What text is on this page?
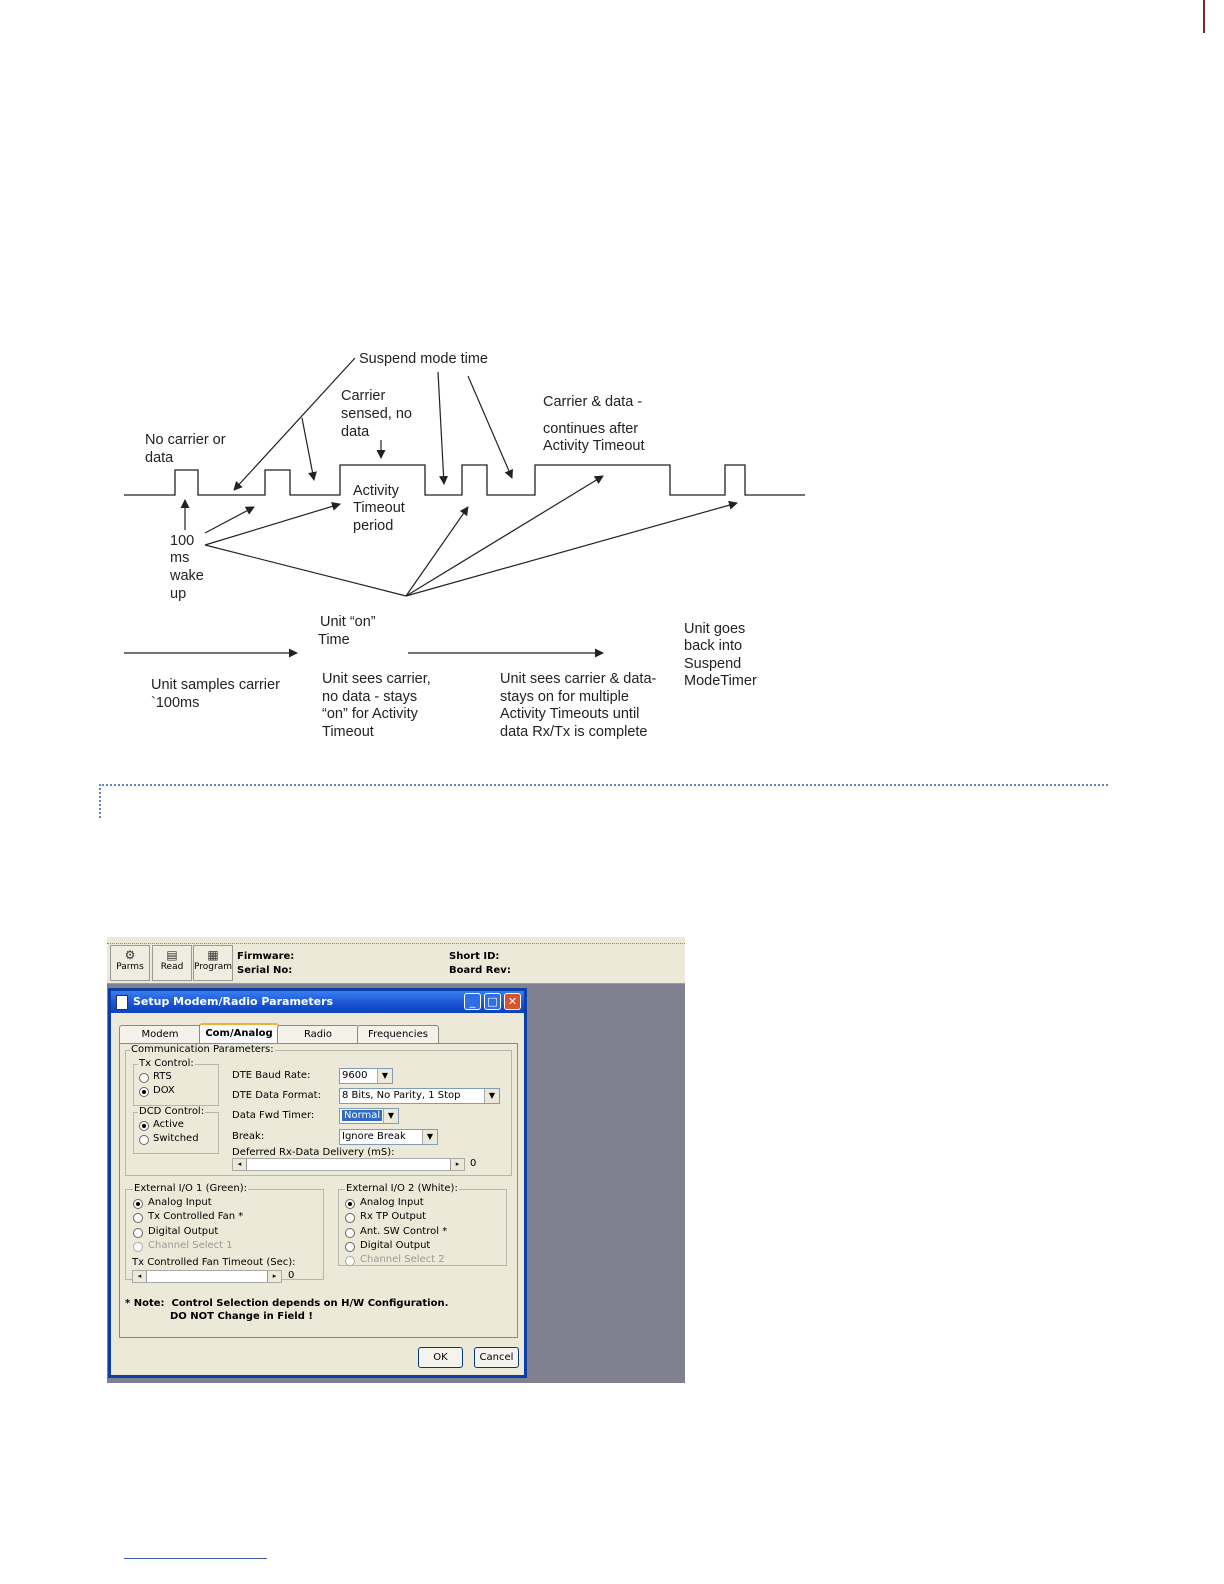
Suspend mode time
Carrier
sensed, no
data
Carrier & data -
continues after
Activity Timeout
No carrier or
data
Activity
Timeout
period
100
ms
wake
up
Unit “on”
Time
Unit goes
back into
Suspend
ModeTimer
Unit samples carrier
`100ms
Unit sees carrier,
no data - stays
“on” for Activity
Timeout
Unit sees carrier & data-
stays on for multiple
Activity Timeouts until
data Rx/Tx is complete
⚙
Parms
▤
Read
▦
Program
Firmware:
Serial No:
Short ID:
Board Rev:
Setup Modem/Radio Parameters	_	□ ✕
Modem	Com/Analog	Radio	Frequencies
Communication Parameters:
Tx Control:
RTS
DOX
DCD Control:
Active
Switched
DTE Baud Rate:	9600	▼
DTE Data Format:	8 Bits, No Parity, 1 Stop	▼
Data Fwd Timer:	Normal ▼
Break:	Ignore Break	▼
Deferred Rx-Data Delivery (mS):
◂	▸	0
External I/O 1 (Green):
Analog Input
Tx Controlled Fan *
Digital Output
Channel Select 1
Tx Controlled Fan Timeout (Sec):
◂	▸	0
External I/O 2 (White):
Analog Input
Rx TP Output
Ant. SW Control *
Digital Output
Channel Select 2
* Note:  Control Selection depends on H/W Configuration.
DO NOT Change in Field !
OK	Cancel
